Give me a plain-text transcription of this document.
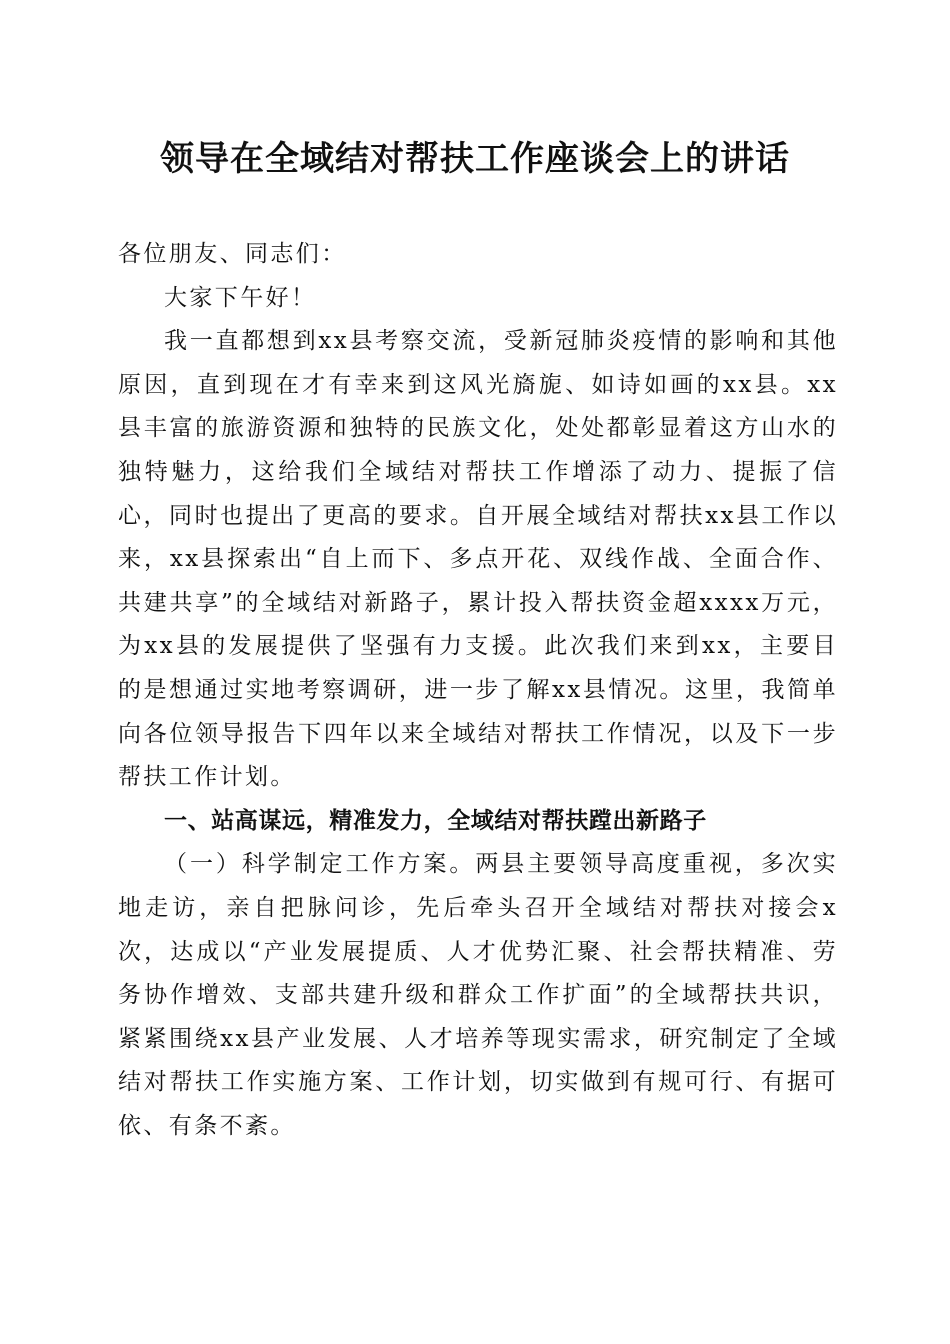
领导在全域结对帮扶工作座谈会上的讲话

各位朋友、同志们：

大家下午好！

我一直都想到xx县考察交流，受新冠肺炎疫情的影响和其他原因，直到现在才有幸来到这风光旖旎、如诗如画的xx县。xx县丰富的旅游资源和独特的民族文化，处处都彰显着这方山水的独特魅力，这给我们全域结对帮扶工作增添了动力、提振了信心，同时也提出了更高的要求。自开展全域结对帮扶xx县工作以来，xx县探索出“自上而下、多点开花、双线作战、全面合作、共建共享”的全域结对新路子，累计投入帮扶资金超xxxx万元，为xx县的发展提供了坚强有力支援。此次我们来到xx，主要目的是想通过实地考察调研，进一步了解xx县情况。这里，我简单向各位领导报告下四年以来全域结对帮扶工作情况，以及下一步帮扶工作计划。

一、站高谋远，精准发力，全域结对帮扶蹚出新路子

（一）科学制定工作方案。两县主要领导高度重视，多次实地走访，亲自把脉问诊，先后牵头召开全域结对帮扶对接会x次，达成以“产业发展提质、人才优势汇聚、社会帮扶精准、劳务协作增效、支部共建升级和群众工作扩面”的全域帮扶共识，紧紧围绕xx县产业发展、人才培养等现实需求，研究制定了全域结对帮扶工作实施方案、工作计划，切实做到有规可行、有据可依、有条不紊。
